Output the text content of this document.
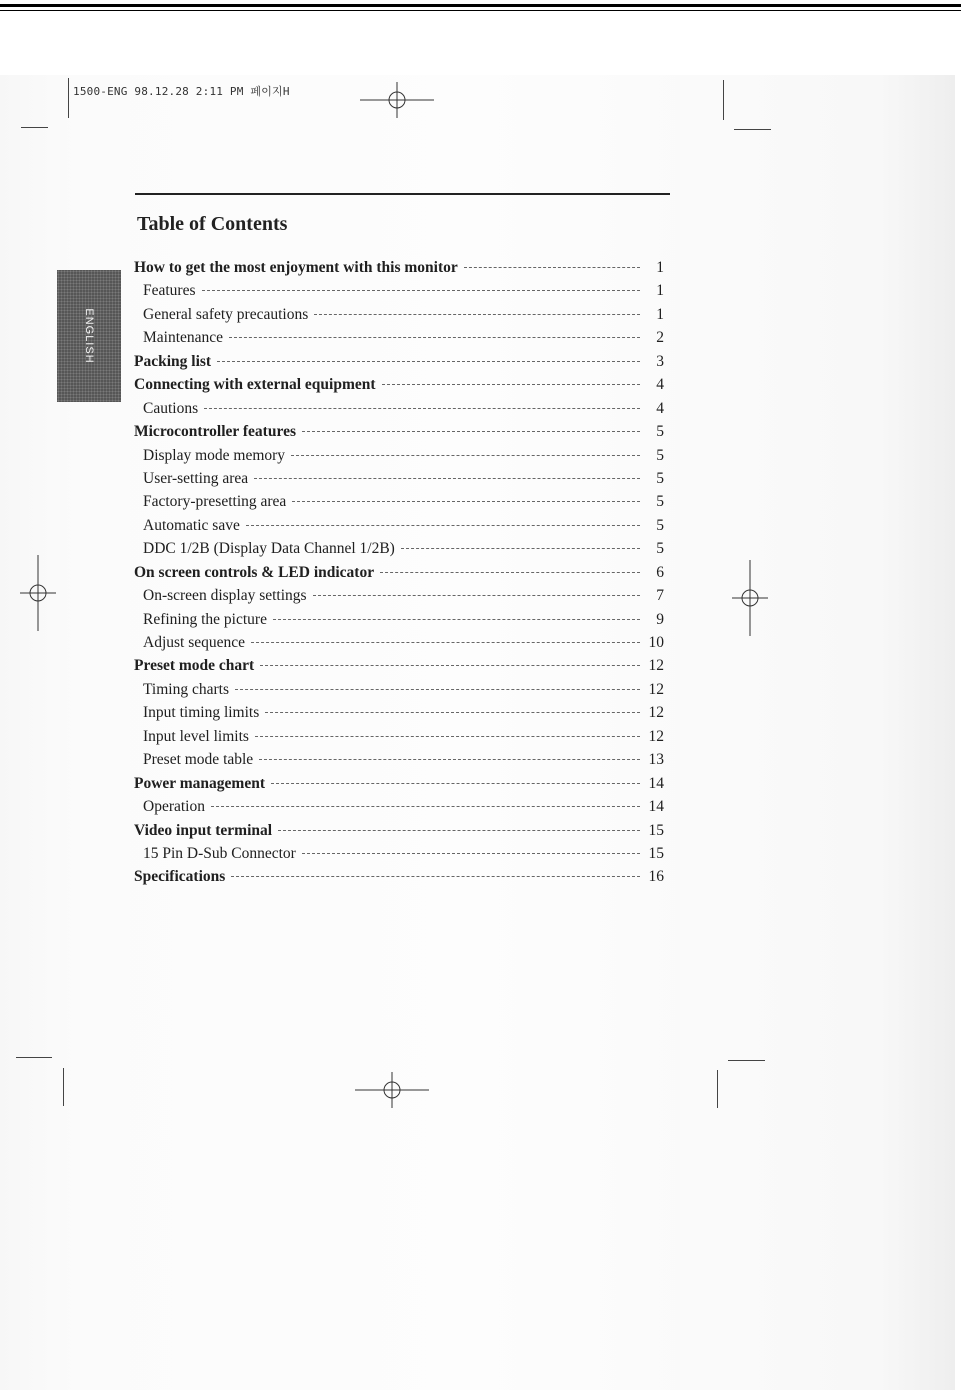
1500-ENG 98.12.28 2:11 PM 페이지H
ENGLISH
Table of Contents
How to get the most enjoyment with this monitor	1
Features	1
General safety precautions	1
Maintenance	2
Packing list	3
Connecting with external equipment	4
Cautions	4
Microcontroller features	5
Display mode memory	5
User-setting area	5
Factory-presetting area	5
Automatic save	5
DDC 1/2B (Display Data Channel 1/2B)	5
On screen controls & LED indicator	6
On-screen display settings	7
Refining the picture	9
Adjust sequence	10
Preset mode chart	12
Timing charts	12
Input timing limits	12
Input level limits	12
Preset mode table	13
Power management	14
Operation	14
Video input terminal	15
15 Pin D-Sub Connector	15
Specifications	16
